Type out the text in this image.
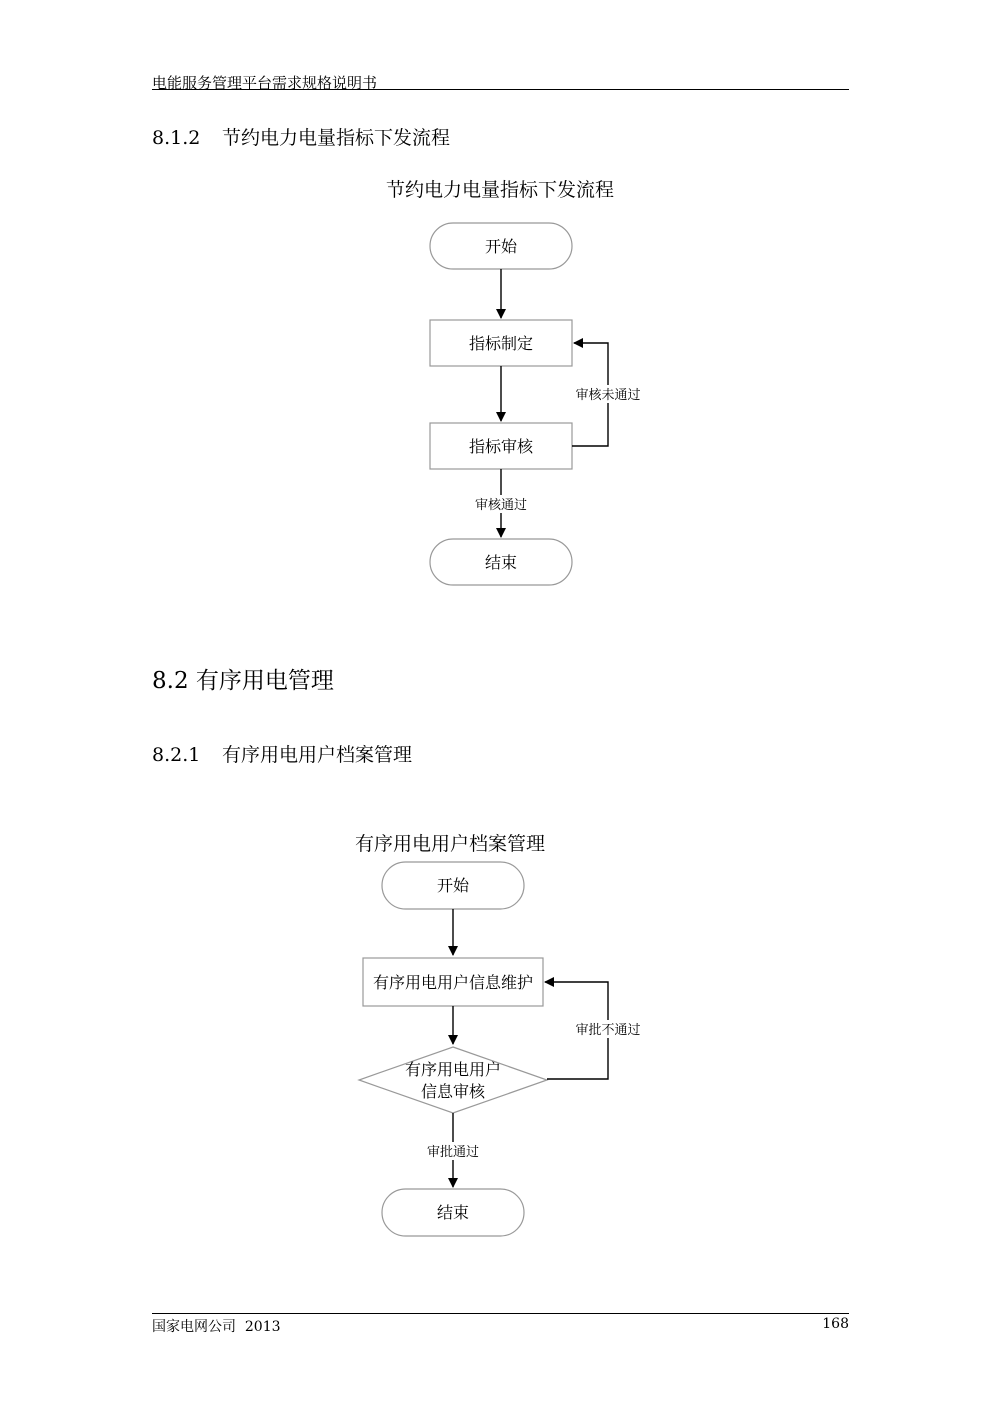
电能服务管理平台需求规格说明书
8.1.2 节约电力电量指标下发流程
节约电力电量指标下发流程
开始
指标制定
指标审核
审核未通过
审核通过
结束
开始
有序用电用户信息维护
有序用电用户
信息审核
审批不通过
审批通过
结束
8.2 有序用电管理
8.2.1 有序用电用户档案管理
有序用电用户档案管理
国家电网公司  2013	168
